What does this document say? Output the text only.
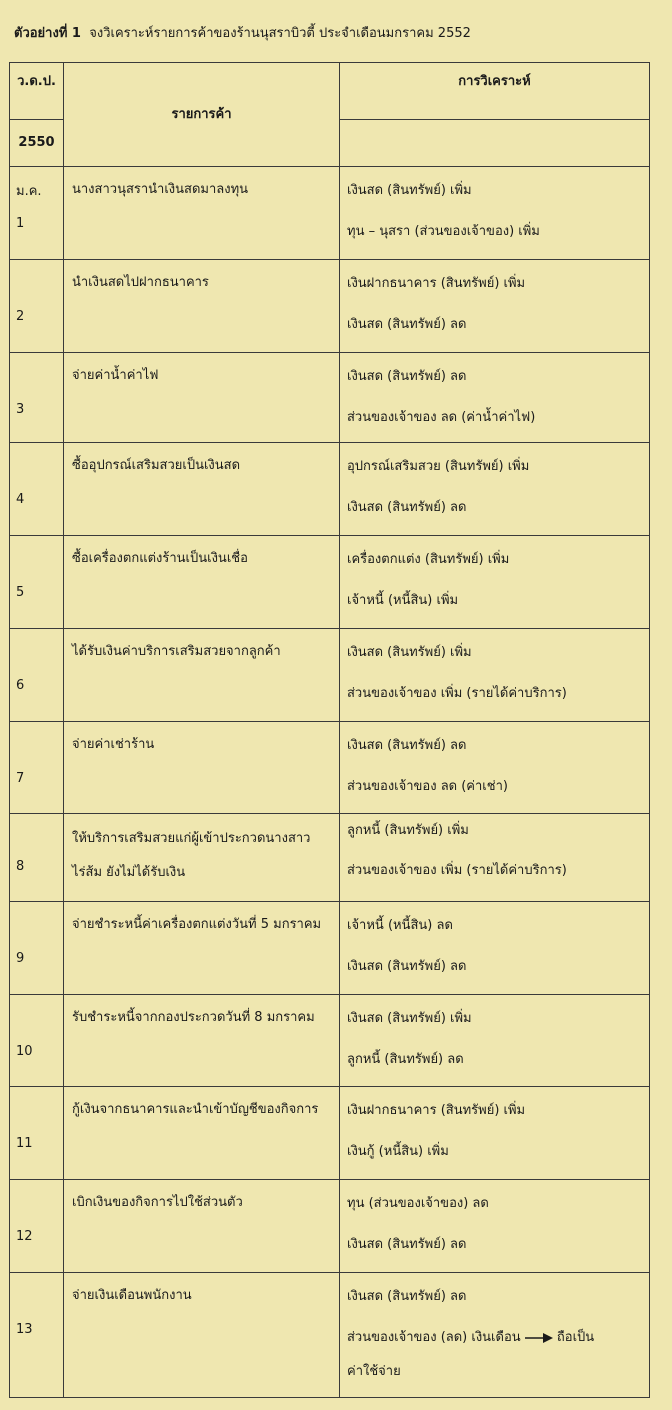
ตัวอย่างที่ 1 จงวิเคราะห์รายการค้าของร้านนุสราบิวตี้ ประจำเดือนมกราคม 2552
ว.ด.ป.	รายการค้า	การวิเคราะห์
2550		

ม.ค.
1	นางสาวนุสรานำเงินสดมาลงทุน	เงินสด (สินทรัพย์) เพิ่ม
ทุน – นุสรา (ส่วนของเจ้าของ) เพิ่ม

2	นำเงินสดไปฝากธนาคาร	เงินฝากธนาคาร (สินทรัพย์) เพิ่ม
เงินสด (สินทรัพย์) ลด

3	จ่ายค่าน้ำค่าไฟ	เงินสด (สินทรัพย์) ลด
ส่วนของเจ้าของ ลด (ค่าน้ำค่าไฟ)

4	ซื้ออุปกรณ์เสริมสวยเป็นเงินสด	อุปกรณ์เสริมสวย (สินทรัพย์) เพิ่ม
เงินสด (สินทรัพย์) ลด

5	ซื้อเครื่องตกแต่งร้านเป็นเงินเชื่อ	เครื่องตกแต่ง (สินทรัพย์) เพิ่ม
เจ้าหนี้ (หนี้สิน) เพิ่ม

6	ได้รับเงินค่าบริการเสริมสวยจากลูกค้า	เงินสด (สินทรัพย์) เพิ่ม
ส่วนของเจ้าของ เพิ่ม (รายได้ค่าบริการ)

7	จ่ายค่าเช่าร้าน	เงินสด (สินทรัพย์) ลด
ส่วนของเจ้าของ ลด (ค่าเช่า)

8	ให้บริการเสริมสวยแก่ผู้เข้าประกวดนางสาว
ไร่ส้ม ยังไม่ได้รับเงิน	ลูกหนี้ (สินทรัพย์) เพิ่ม
ส่วนของเจ้าของ เพิ่ม (รายได้ค่าบริการ)

9	จ่ายชำระหนี้ค่าเครื่องตกแต่งวันที่ 5 มกราคม	เจ้าหนี้ (หนี้สิน) ลด
เงินสด (สินทรัพย์) ลด

10	รับชำระหนี้จากกองประกวดวันที่ 8 มกราคม	เงินสด (สินทรัพย์) เพิ่ม
ลูกหนี้ (สินทรัพย์) ลด

11	กู้เงินจากธนาคารและนำเข้าบัญชีของกิจการ	เงินฝากธนาคาร (สินทรัพย์) เพิ่ม
เงินกู้ (หนี้สิน) เพิ่ม

12	เบิกเงินของกิจการไปใช้ส่วนตัว	ทุน (ส่วนของเจ้าของ) ลด
เงินสด (สินทรัพย์) ลด

13	จ่ายเงินเดือนพนักงาน	เงินสด (สินทรัพย์) ลด
ส่วนของเจ้าของ (ลด) เงินเดือน ถือเป็น
ค่าใช้จ่าย
